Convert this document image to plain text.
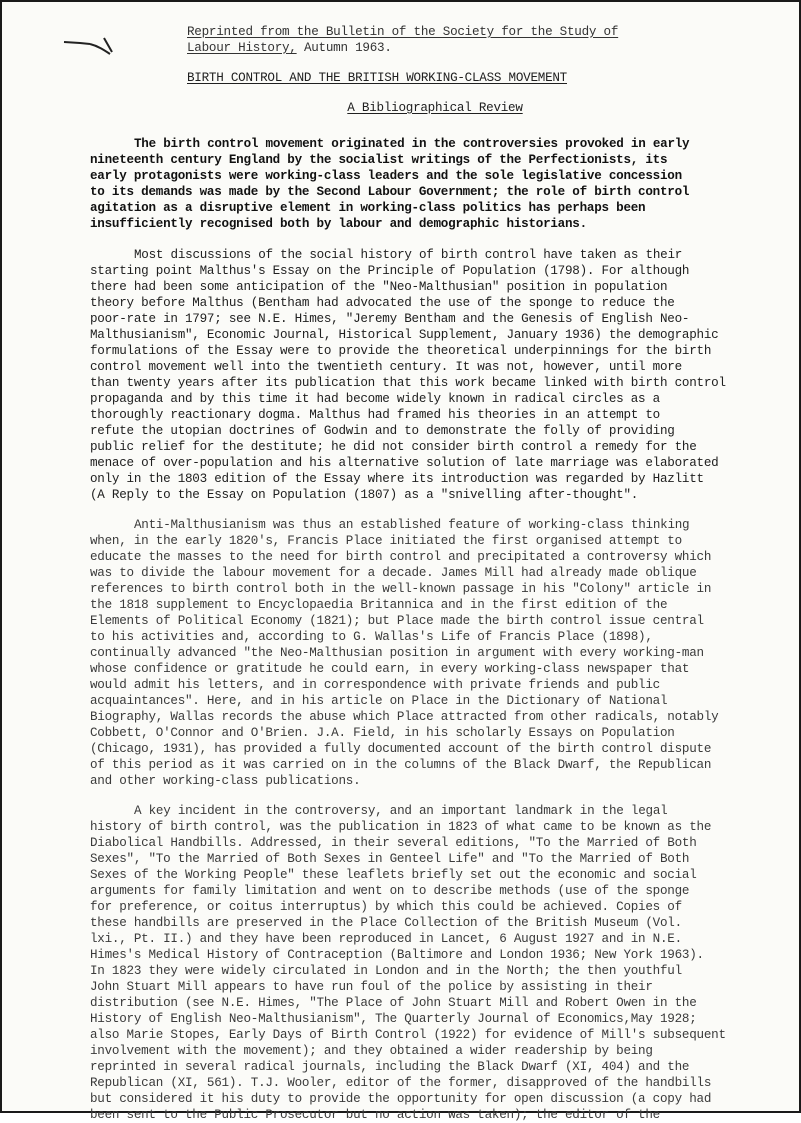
Reprinted from the Bulletin of the Society for the Study of
Labour History, Autumn 1963.
BIRTH CONTROL AND THE BRITISH WORKING-CLASS MOVEMENT
A Bibliographical Review
The birth control movement originated in the controversies provoked in early
nineteenth century England by the socialist writings of the Perfectionists, its
early protagonists were working-class leaders and the sole legislative concession
to its demands was made by the Second Labour Government; the role of birth control
agitation as a disruptive element in working-class politics has perhaps been
insufficiently recognised both by labour and demographic historians.
Most discussions of the social history of birth control have taken as their
starting point Malthus's Essay on the Principle of Population (1798). For although
there had been some anticipation of the "Neo-Malthusian" position in population
theory before Malthus (Bentham had advocated the use of the sponge to reduce the
poor-rate in 1797; see N.E. Himes, "Jeremy Bentham and the Genesis of English Neo-
Malthusianism", Economic Journal, Historical Supplement, January 1936) the demographic
formulations of the Essay were to provide the theoretical underpinnings for the birth
control movement well into the twentieth century. It was not, however, until more
than twenty years after its publication that this work became linked with birth control
propaganda and by this time it had become widely known in radical circles as a
thoroughly reactionary dogma. Malthus had framed his theories in an attempt to
refute the utopian doctrines of Godwin and to demonstrate the folly of providing
public relief for the destitute; he did not consider birth control a remedy for the
menace of over-population and his alternative solution of late marriage was elaborated
only in the 1803 edition of the Essay where its introduction was regarded by Hazlitt
(A Reply to the Essay on Population (1807) as a "snivelling after-thought".
Anti-Malthusianism was thus an established feature of working-class thinking
when, in the early 1820's, Francis Place initiated the first organised attempt to
educate the masses to the need for birth control and precipitated a controversy which
was to divide the labour movement for a decade. James Mill had already made oblique
references to birth control both in the well-known passage in his "Colony" article in
the 1818 supplement to Encyclopaedia Britannica and in the first edition of the
Elements of Political Economy (1821); but Place made the birth control issue central
to his activities and, according to G. Wallas's Life of Francis Place (1898),
continually advanced "the Neo-Malthusian position in argument with every working-man
whose confidence or gratitude he could earn, in every working-class newspaper that
would admit his letters, and in correspondence with private friends and public
acquaintances". Here, and in his article on Place in the Dictionary of National
Biography, Wallas records the abuse which Place attracted from other radicals, notably
Cobbett, O'Connor and O'Brien. J.A. Field, in his scholarly Essays on Population
(Chicago, 1931), has provided a fully documented account of the birth control dispute
of this period as it was carried on in the columns of the Black Dwarf, the Republican
and other working-class publications.
A key incident in the controversy, and an important landmark in the legal
history of birth control, was the publication in 1823 of what came to be known as the
Diabolical Handbills. Addressed, in their several editions, "To the Married of Both
Sexes", "To the Married of Both Sexes in Genteel Life" and "To the Married of Both
Sexes of the Working People" these leaflets briefly set out the economic and social
arguments for family limitation and went on to describe methods (use of the sponge
for preference, or coitus interruptus) by which this could be achieved. Copies of
these handbills are preserved in the Place Collection of the British Museum (Vol.
lxi., Pt. II.) and they have been reproduced in Lancet, 6 August 1927 and in N.E.
Himes's Medical History of Contraception (Baltimore and London 1936; New York 1963).
In 1823 they were widely circulated in London and in the North; the then youthful
John Stuart Mill appears to have run foul of the police by assisting in their
distribution (see N.E. Himes, "The Place of John Stuart Mill and Robert Owen in the
History of English Neo-Malthusianism", The Quarterly Journal of Economics,May 1928;
also Marie Stopes, Early Days of Birth Control (1922) for evidence of Mill's subsequent
involvement with the movement); and they obtained a wider readership by being
reprinted in several radical journals, including the Black Dwarf (XI, 404) and the
Republican (XI, 561). T.J. Wooler, editor of the former, disapproved of the handbills
but considered it his duty to provide the opportunity for open discussion (a copy had
been sent to the Public Prosecutor but no action was taken); the editor of the
